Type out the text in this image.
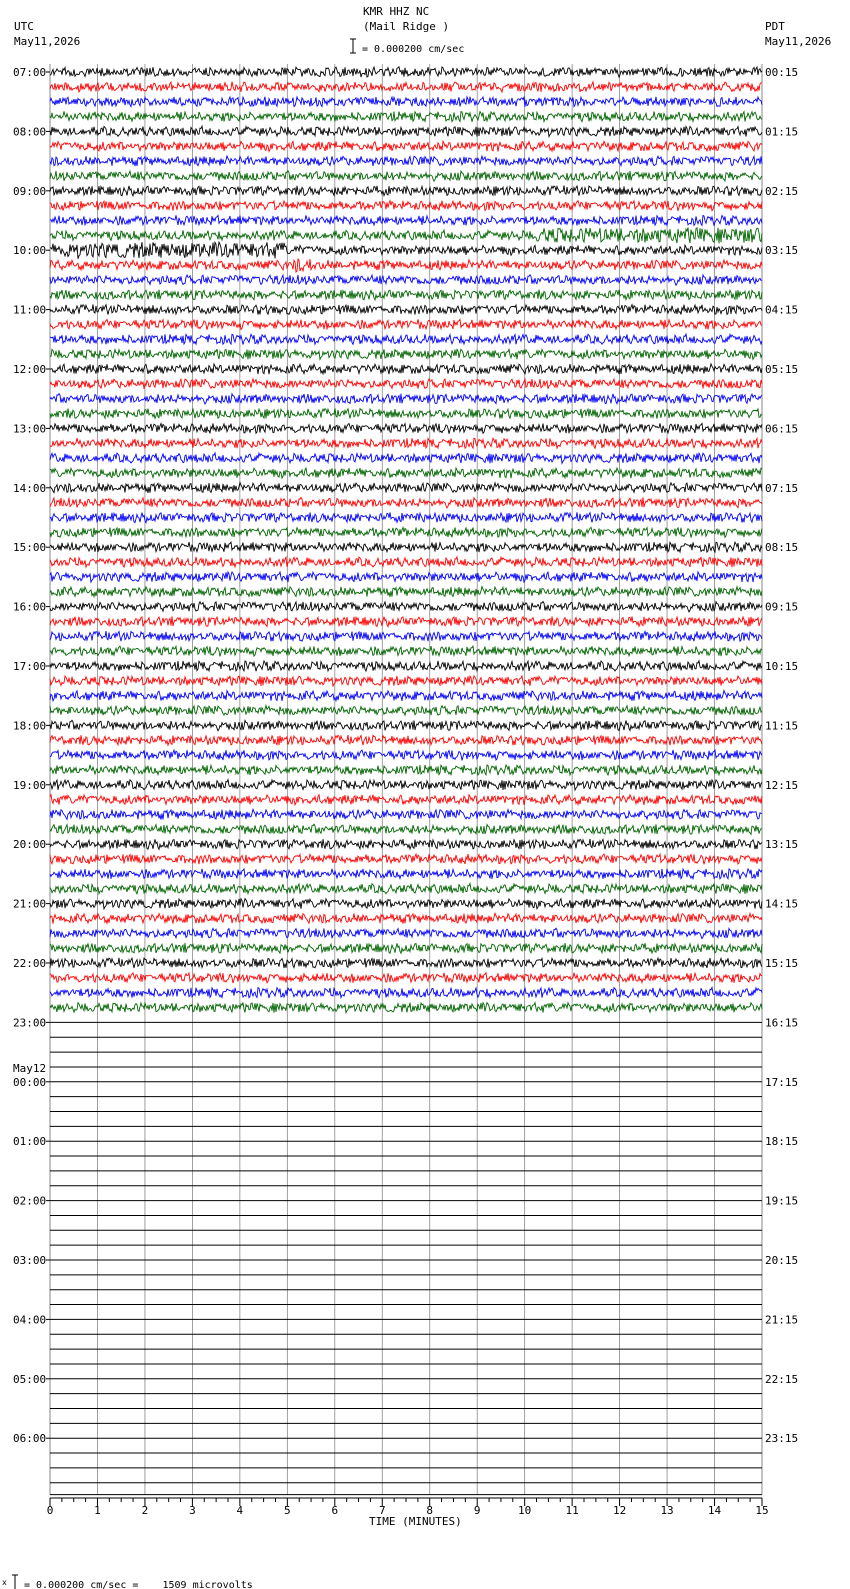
KMR HHZ NC
(Mail Ridge )
= 0.000200 cm/sec
UTC
May11,2026
PDT
May11,2026
07:00
08:00
09:00
10:00
11:00
12:00
13:00
14:00
15:00
16:00
17:00
18:00
19:00
20:00
21:00
22:00
23:00
00:00
May12
01:00
02:00
03:00
04:00
05:00
06:00
00:15
01:15
02:15
03:15
04:15
05:15
06:15
07:15
08:15
09:15
10:15
11:15
12:15
13:15
14:15
15:15
16:15
17:15
18:15
19:15
20:15
21:15
22:15
23:15
0	1	2	3	4	5	6	7	8	9	10	11	12	13	14	15
TIME (MINUTES)
x = 0.000200 cm/sec =    1509 microvolts
